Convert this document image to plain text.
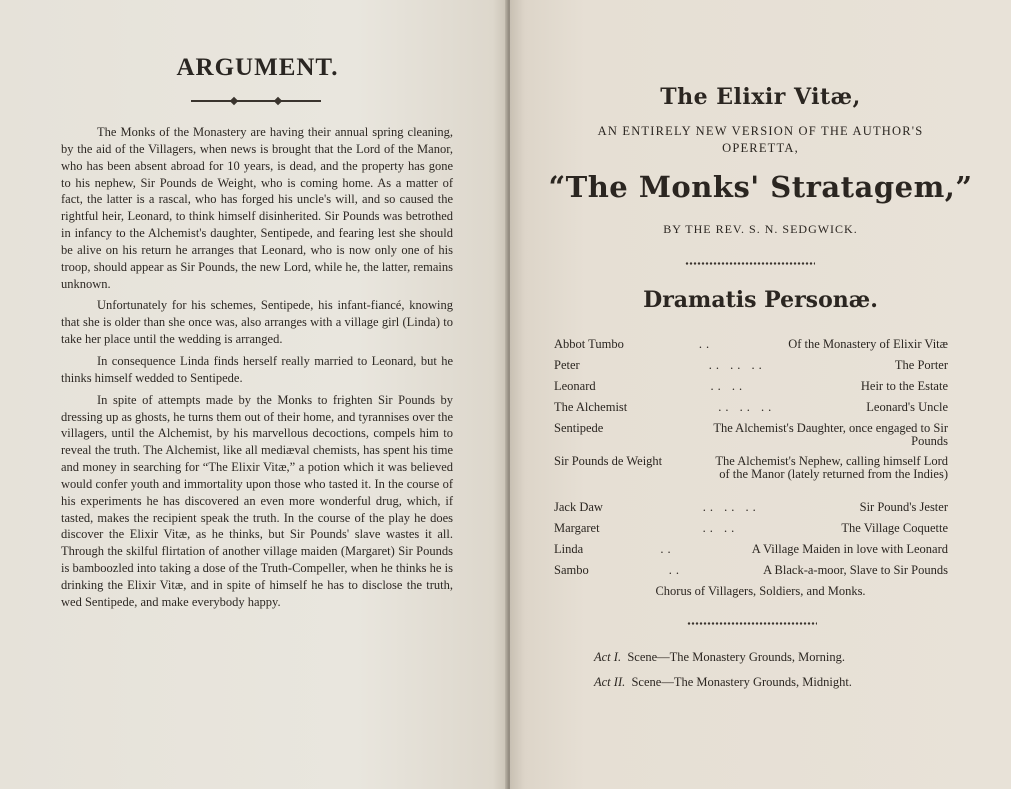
ARGUMENT.

The Monks of the Monastery are having their annual spring cleaning, by the aid of the Villagers, when news is brought that the Lord of the Manor, who has been absent abroad for 10 years, is dead, and the property has gone to his nephew, Sir Pounds de Weight, who is coming home. As a matter of fact, the latter is a rascal, who has forged his uncle's will, and so caused the rightful heir, Leonard, to think himself disinherited. Sir Pounds was betrothed in infancy to the Alchemist's daughter, Sentipede, and fearing lest she should be alive on his return he arranges that Leonard, who is now only one of his troop, should appear as Sir Pounds, the new Lord, while he, the latter, remains unknown.

Unfortunately for his schemes, Sentipede, his infant-fiancé, knowing that she is older than she once was, also arranges with a village girl (Linda) to take her place until the wedding is arranged.

In consequence Linda finds herself really married to Leonard, but he thinks himself wedded to Sentipede.

In spite of attempts made by the Monks to frighten Sir Pounds by dressing up as ghosts, he turns them out of their home, and tyrannises over the villagers, until the Alchemist, by his marvellous decoctions, compels him to reveal the truth. The Alchemist, like all mediæval chemists, has spent his time and money in searching for “The Elixir Vitæ,” a potion which it was believed would confer youth and immortality upon those who tasted it. In the course of his experiments he has discovered an even more wonderful drug, which, if tasted, makes the recipient speak the truth. In the course of the play he does discover the Elixir Vitæ, as he thinks, but Sir Pounds' slave wastes it all. Through the skilful flirtation of another village maiden (Margaret) Sir Pounds is bamboozled into taking a dose of the Truth-Compeller, when he thinks he is drinking the Elixir Vitæ, and in spite of himself he has to disclose the truth, wed Sentipede, and make everybody happy.

The Elixir Vitæ,
AN ENTIRELY NEW VERSION OF THE AUTHOR'S
OPERETTA,
“The Monks' Stratagem,”
BY THE REV. S. N. SEDGWICK.
Dramatis Personæ.
Abbot Tumbo	..	Of the Monastery of Elixir Vitæ
Peter	.. .. ..	The Porter
Leonard	.. ..	Heir to the Estate
The Alchemist	.. .. ..	Leonard's Uncle
Sentipede	The Alchemist's Daughter, once engaged to Sir Pounds
Sir Pounds de Weight	The Alchemist's Nephew, calling himself Lord of the Manor (lately returned from the Indies)
Jack Daw	.. .. ..	Sir Pound's Jester
Margaret	.. ..	The Village Coquette
Linda	..	A Village Maiden in love with Leonard
Sambo	..	A Black-a-moor, Slave to Sir Pounds
Chorus of Villagers, Soldiers, and Monks.
Act I. Scene—The Monastery Grounds, Morning.
Act II. Scene—The Monastery Grounds, Midnight.
